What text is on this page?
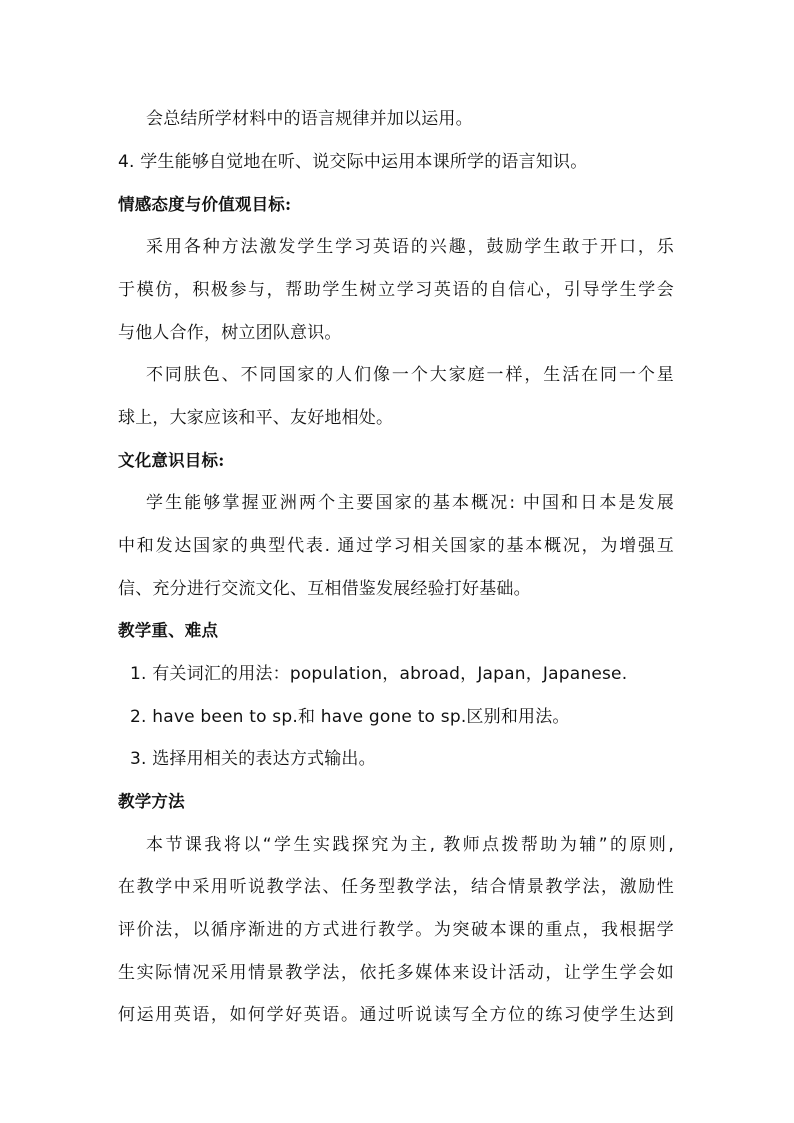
会总结所学材料中的语言规律并加以运用。
4. 学生能够自觉地在听、说交际中运用本课所学的语言知识。
情感态度与价值观目标:
采用各种方法激发学生学习英语的兴趣，鼓励学生敢于开口，乐
于模仿，积极参与，帮助学生树立学习英语的自信心，引导学生学会
与他人合作，树立团队意识。
不同肤色、不同国家的人们像一个大家庭一样，生活在同一个星
球上，大家应该和平、友好地相处。
文化意识目标:
学生能够掌握亚洲两个主要国家的基本概况: 中国和日本是发展
中和发达国家的典型代表. 通过学习相关国家的基本概况，为增强互
信、充分进行交流文化、互相借鉴发展经验打好基础。
教学重、难点
1. 有关词汇的用法：population，abroad，Japan，Japanese.
2. have been to sp.和 have gone to sp.区别和用法。
3. 选择用相关的表达方式输出。
教学方法
本节课我将以“学生实践探究为主, 教师点拨帮助为辅”的原则,
在教学中采用听说教学法、任务型教学法，结合情景教学法，激励性
评价法，以循序渐进的方式进行教学。为突破本课的重点，我根据学
生实际情况采用情景教学法，依托多媒体来设计活动，让学生学会如
何运用英语，如何学好英语。通过听说读写全方位的练习使学生达到
